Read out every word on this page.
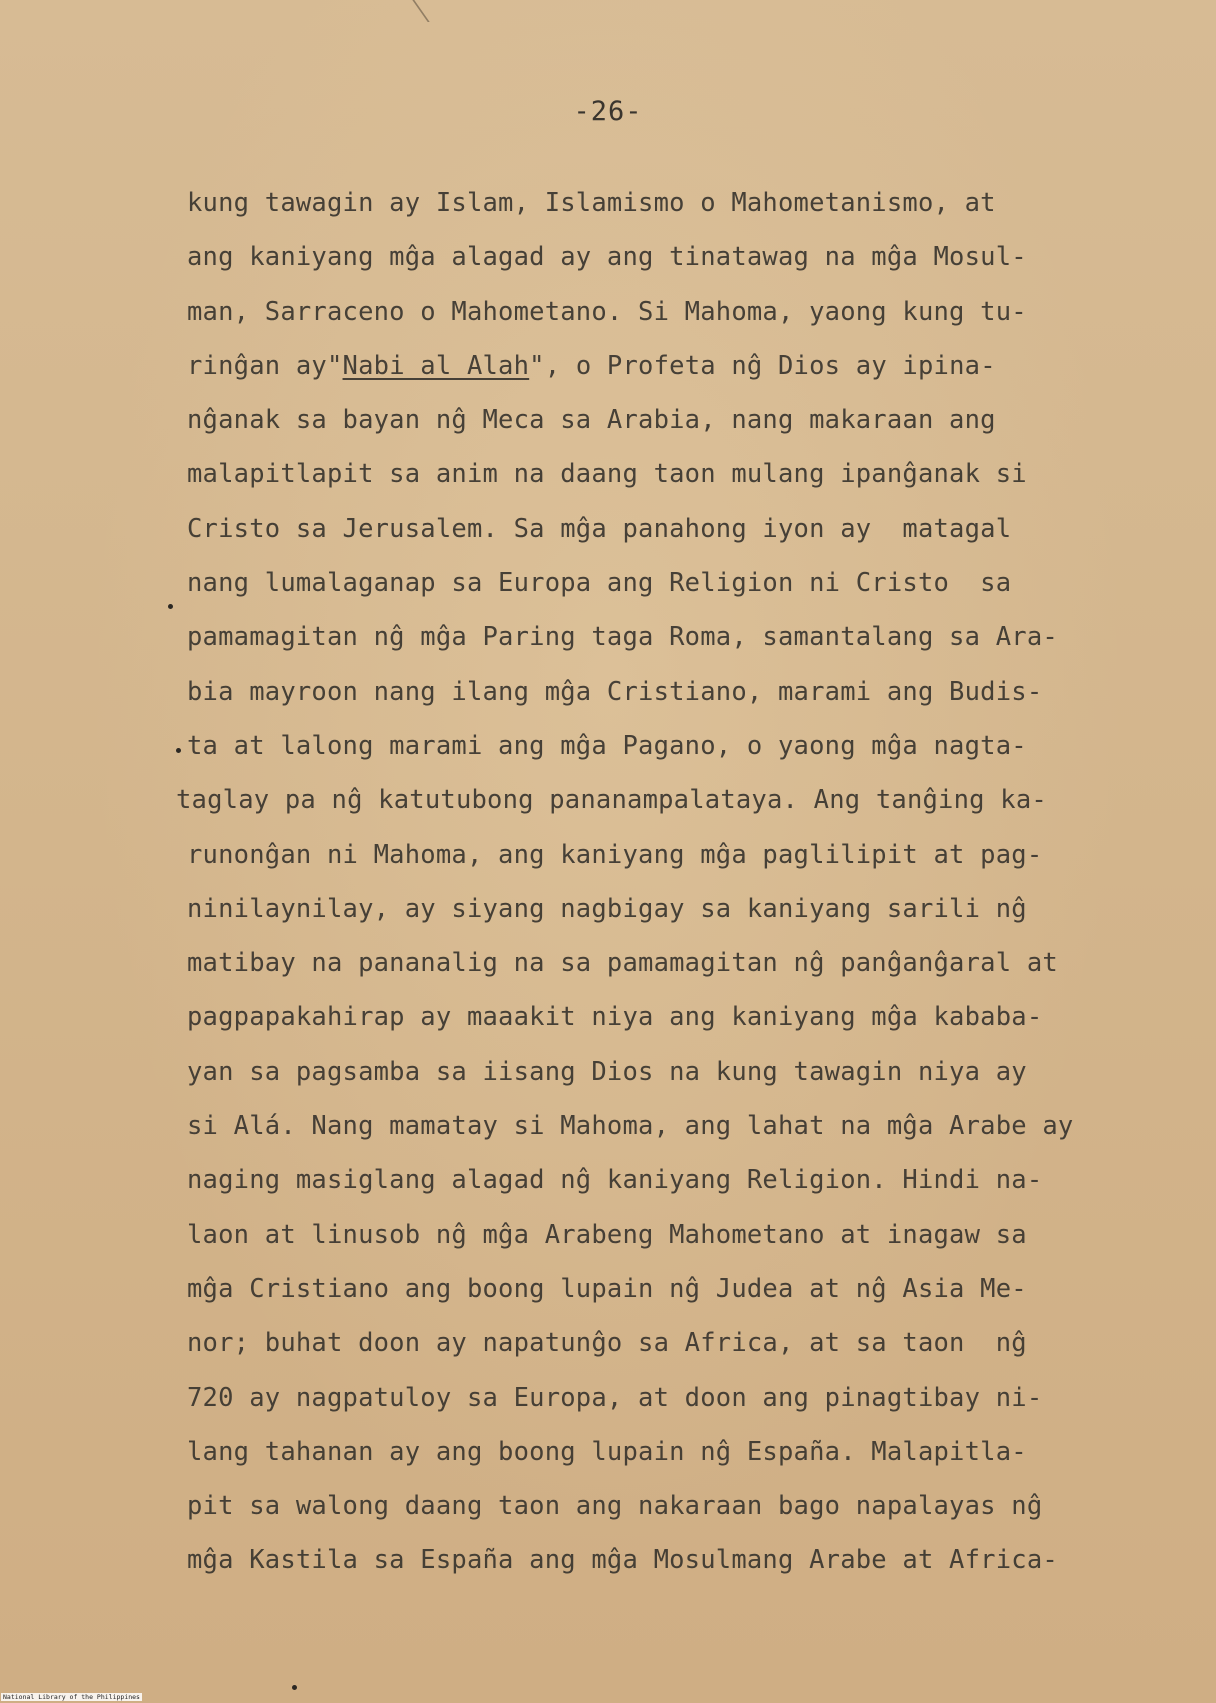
-26-
kung tawagin ay Islam, Islamismo o Mahometanismo, at
ang kaniyang mĝa alagad ay ang tinatawag na mĝa Mosul-
man, Sarraceno o Mahometano. Si Mahoma, yaong kung tu-
rinĝan ay"Nabi al Alah", o Profeta nĝ Dios ay ipina-
nĝanak sa bayan nĝ Meca sa Arabia, nang makaraan ang
malapitlapit sa anim na daang taon mulang ipanĝanak si
Cristo sa Jerusalem. Sa mĝa panahong iyon ay  matagal
nang lumalaganap sa Europa ang Religion ni Cristo  sa
pamamagitan nĝ mĝa Paring taga Roma, samantalang sa Ara-
bia mayroon nang ilang mĝa Cristiano, marami ang Budis-
ta at lalong marami ang mĝa Pagano, o yaong mĝa nagta-
taglay pa nĝ katutubong pananampalataya. Ang tanĝing ka-
runonĝan ni Mahoma, ang kaniyang mĝa paglilipit at pag-
ninilaynilay, ay siyang nagbigay sa kaniyang sarili nĝ
matibay na pananalig na sa pamamagitan nĝ panĝanĝaral at
pagpapakahirap ay maaakit niya ang kaniyang mĝa kababa-
yan sa pagsamba sa iisang Dios na kung tawagin niya ay
si Alá. Nang mamatay si Mahoma, ang lahat na mĝa Arabe ay
naging masiglang alagad nĝ kaniyang Religion. Hindi na-
laon at linusob nĝ mĝa Arabeng Mahometano at inagaw sa
mĝa Cristiano ang boong lupain nĝ Judea at nĝ Asia Me-
nor; buhat doon ay napatunĝo sa Africa, at sa taon  nĝ
720 ay nagpatuloy sa Europa, at doon ang pinagtibay ni-
lang tahanan ay ang boong lupain nĝ España. Malapitla-
pit sa walong daang taon ang nakaraan bago napalayas nĝ
mĝa Kastila sa España ang mĝa Mosulmang Arabe at Africa-
National Library of the Philippines
